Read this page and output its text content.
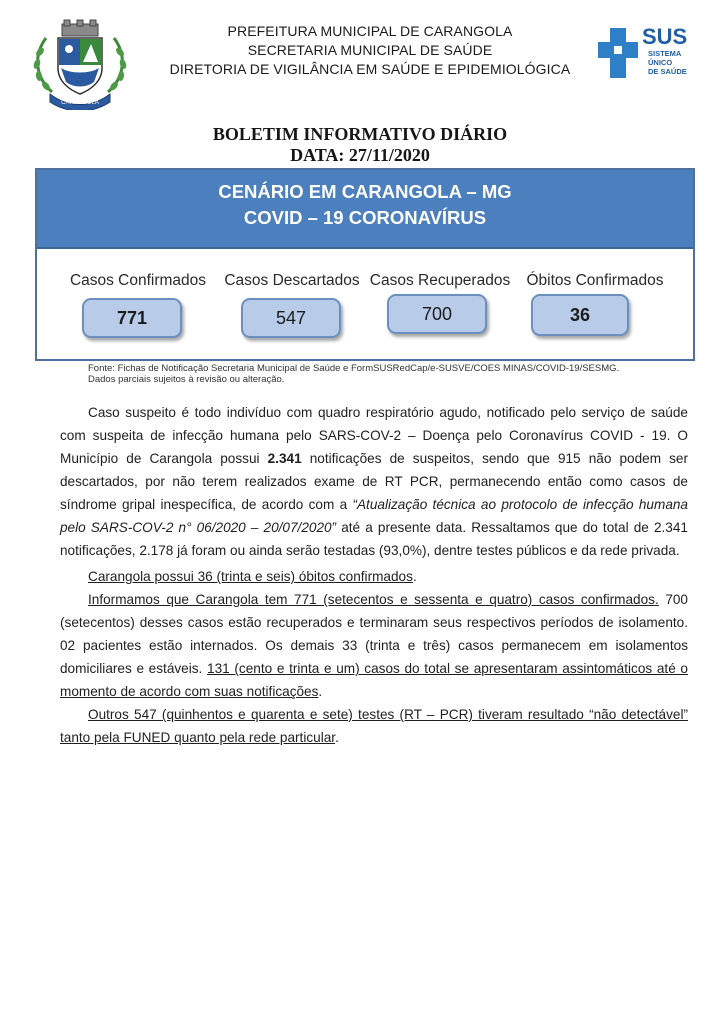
CARANGOLA
PREFEITURA MUNICIPAL DE CARANGOLA
SECRETARIA MUNICIPAL DE SAÚDE
DIRETORIA DE VIGILÂNCIA EM SAÚDE E EPIDEMIOLÓGICA
SUS
SISTEMA
ÚNICO
DE SAÚDE
BOLETIM INFORMATIVO DIÁRIO
DATA: 27/11/2020
CENÁRIO EM CARANGOLA – MG
COVID – 19 CORONAVÍRUS
Casos Confirmados
771
Casos Descartados
547
Casos Recuperados
700
Óbitos Confirmados
36
Fonte: Fichas de Notificação Secretaria Municipal de Saúde e FormSUSRedCap/e-SUSVE/COES MINAS/COVID-19/SESMG.
Dados parciais sujeitos à revisão ou alteração.
Caso suspeito é todo indivíduo com quadro respiratório agudo, notificado pelo serviço de saúde com suspeita de infecção humana pelo SARS-COV-2 – Doença pelo Coronavírus COVID - 19. O Município de Carangola possui 2.341 notificações de suspeitos, sendo que 915 não podem ser descartados, por não terem realizados exame de RT PCR, permanecendo então como casos de síndrome gripal inespecífica, de acordo com a “Atualização técnica ao protocolo de infecção humana pelo SARS-COV-2 n° 06/2020 – 20/07/2020” até a presente data. Ressaltamos que do total de 2.341 notificações, 2.178 já foram ou ainda serão testadas (93,0%), dentre testes públicos e da rede privada.
Carangola possui 36 (trinta e seis) óbitos confirmados.
Informamos que Carangola tem 771 (setecentos e sessenta e quatro) casos confirmados. 700 (setecentos) desses casos estão recuperados e terminaram seus respectivos períodos de isolamento. 02 pacientes estão internados. Os demais 33 (trinta e três) casos permanecem em isolamentos domiciliares e estáveis. 131 (cento e trinta e um) casos do total se apresentaram assintomáticos até o momento de acordo com suas notificações.
Outros 547 (quinhentos e quarenta e sete) testes (RT – PCR) tiveram resultado “não detectável” tanto pela FUNED quanto pela rede particular.
